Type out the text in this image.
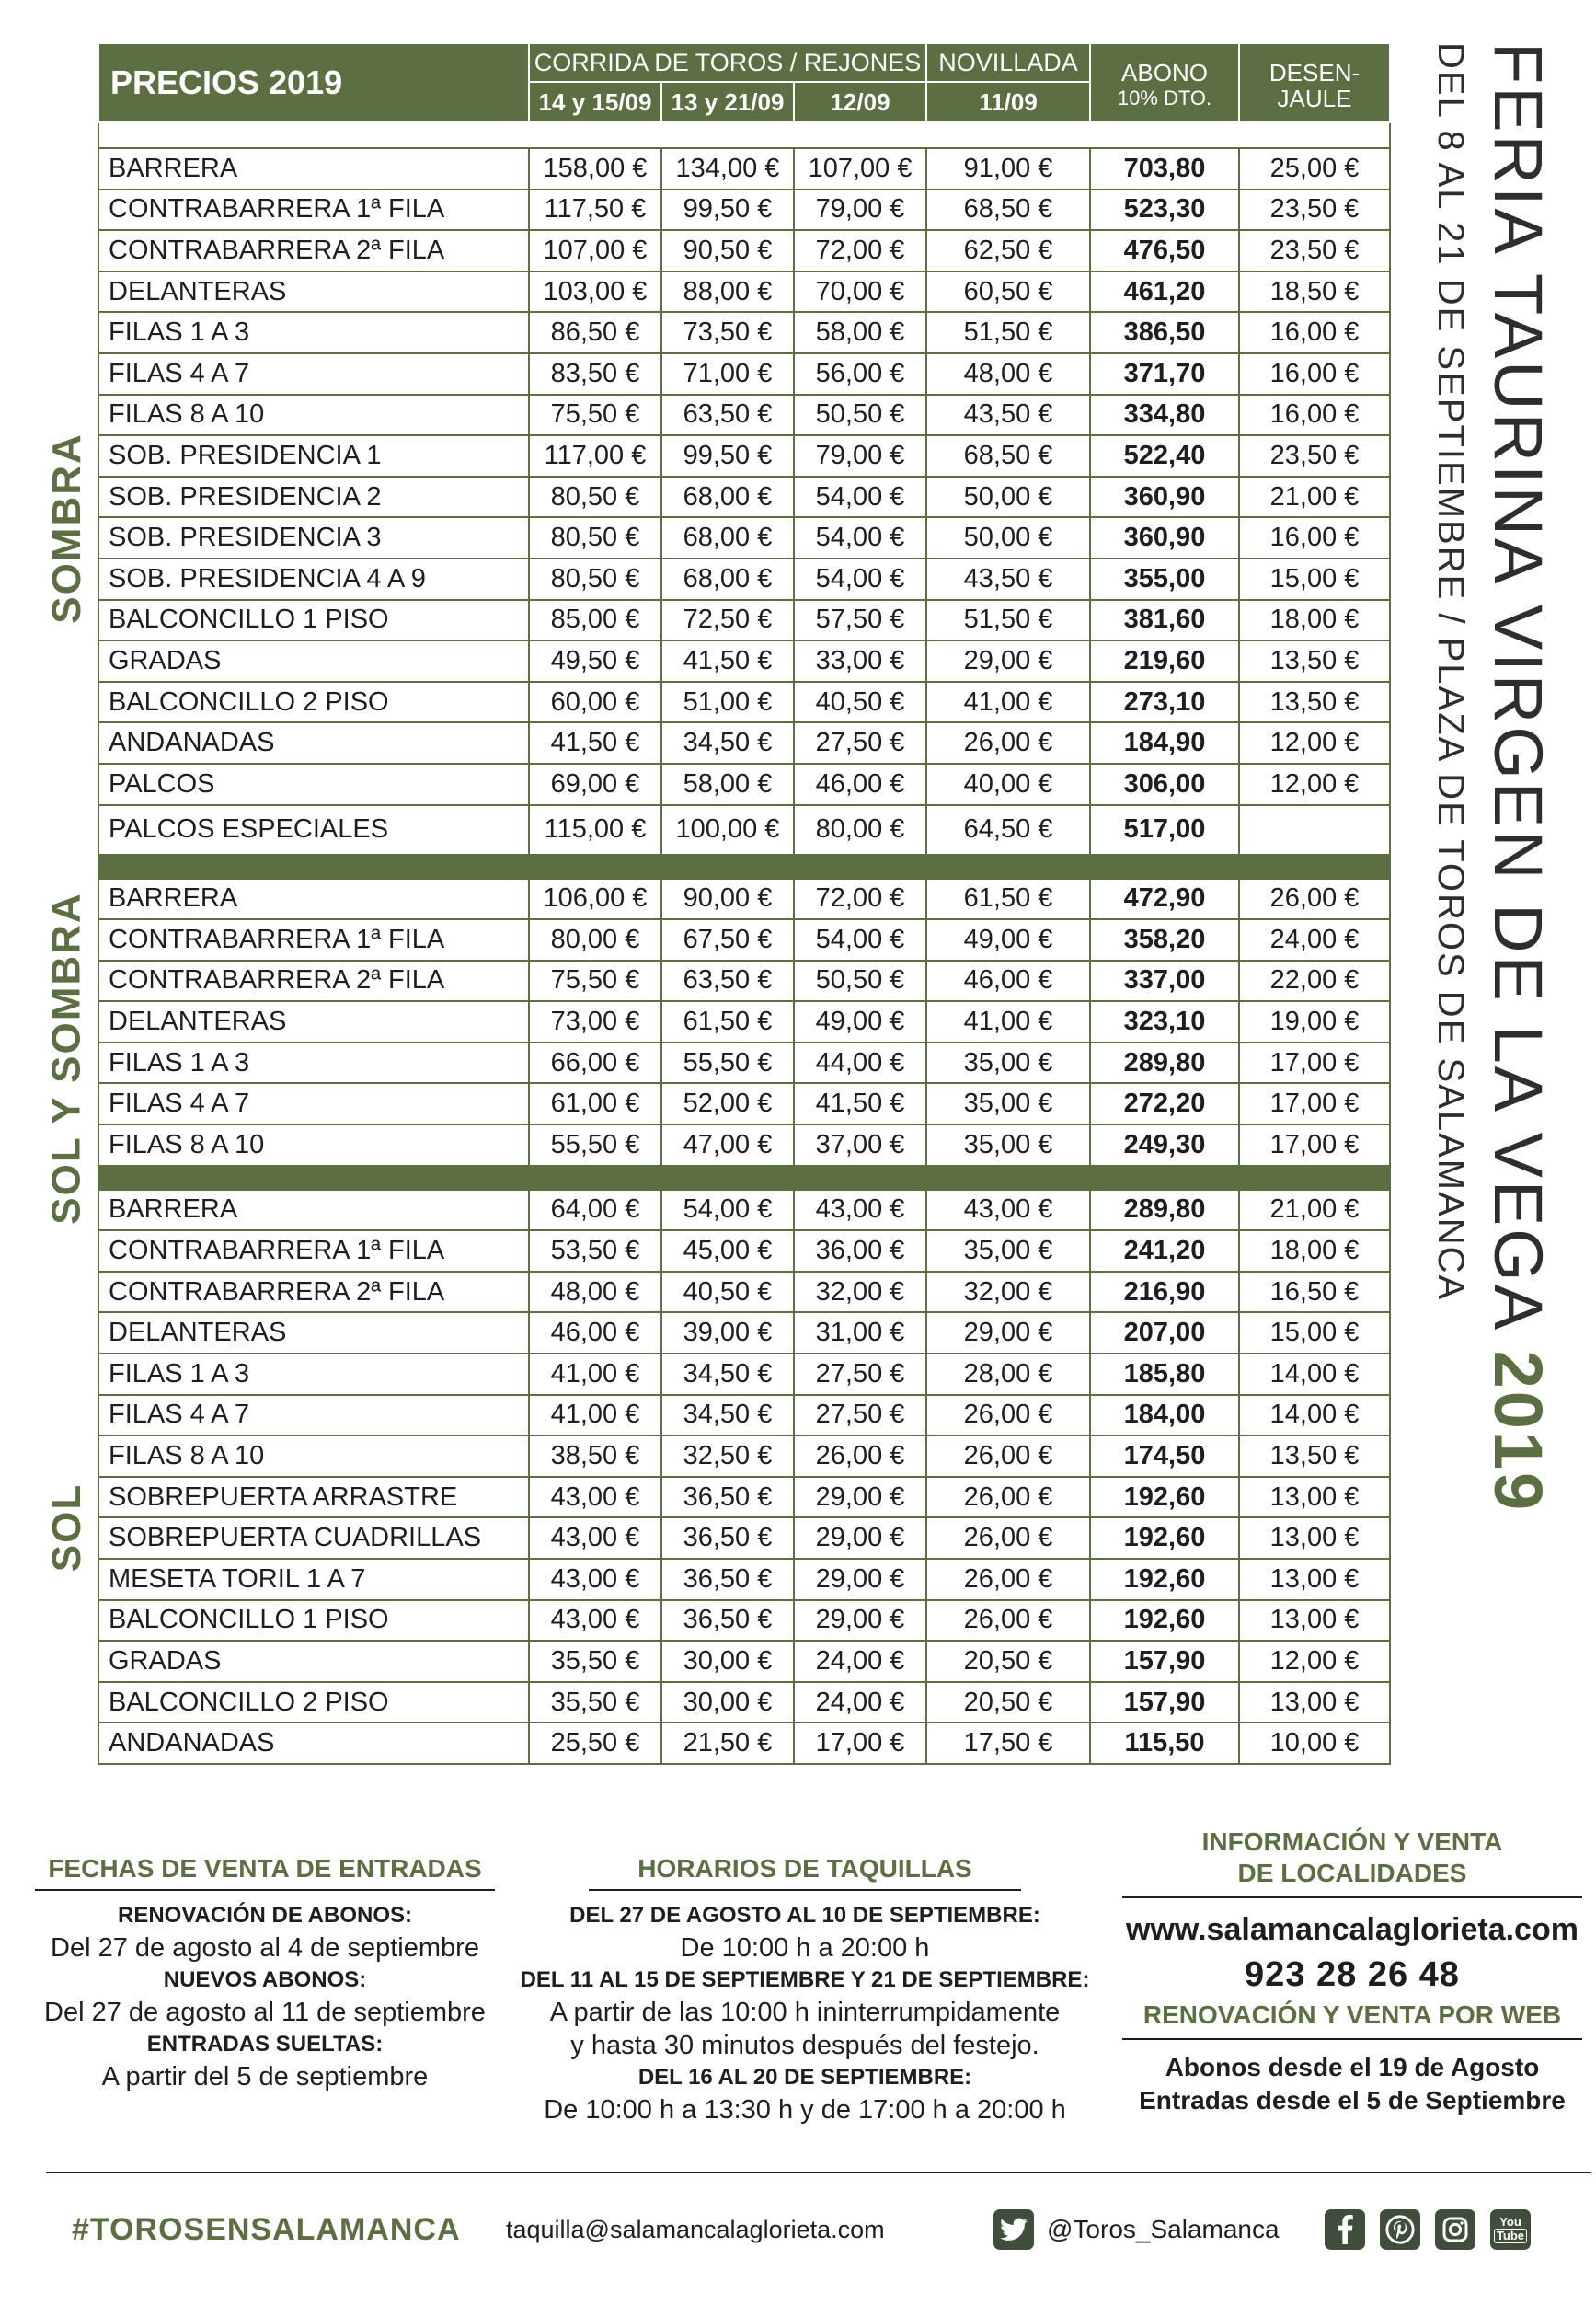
PRECIOS 2019	CORRIDA DE TOROS / REJONES			NOVILLADA	ABONO
10% DTO.	DESEN-
JAULE

	14 y 15/09	13 y 21/09	12/09	11/09		

BARRERA	158,00 €	134,00 €	107,00 €	91,00 €	703,80	25,00 €
CONTRABARRERA 1ª FILA	117,50 €	99,50 €	79,00 €	68,50 €	523,30	23,50 €
CONTRABARRERA 2ª FILA	107,00 €	90,50 €	72,00 €	62,50 €	476,50	23,50 €
DELANTERAS	103,00 €	88,00 €	70,00 €	60,50 €	461,20	18,50 €
FILAS 1 A 3	86,50 €	73,50 €	58,00 €	51,50 €	386,50	16,00 €
FILAS 4 A 7	83,50 €	71,00 €	56,00 €	48,00 €	371,70	16,00 €
FILAS 8 A 10	75,50 €	63,50 €	50,50 €	43,50 €	334,80	16,00 €
SOB. PRESIDENCIA 1	117,00 €	99,50 €	79,00 €	68,50 €	522,40	23,50 €
SOB. PRESIDENCIA 2	80,50 €	68,00 €	54,00 €	50,00 €	360,90	21,00 €
SOB. PRESIDENCIA 3	80,50 €	68,00 €	54,00 €	50,00 €	360,90	16,00 €
SOB. PRESIDENCIA 4 A 9	80,50 €	68,00 €	54,00 €	43,50 €	355,00	15,00 €
BALCONCILLO 1 PISO	85,00 €	72,50 €	57,50 €	51,50 €	381,60	18,00 €
GRADAS	49,50 €	41,50 €	33,00 €	29,00 €	219,60	13,50 €
BALCONCILLO 2 PISO	60,00 €	51,00 €	40,50 €	41,00 €	273,10	13,50 €
ANDANADAS	41,50 €	34,50 €	27,50 €	26,00 €	184,90	12,00 €
PALCOS	69,00 €	58,00 €	46,00 €	40,00 €	306,00	12,00 €
PALCOS ESPECIALES	115,00 €	100,00 €	80,00 €	64,50 €	517,00	

BARRERA	106,00 €	90,00 €	72,00 €	61,50 €	472,90	26,00 €
CONTRABARRERA 1ª FILA	80,00 €	67,50 €	54,00 €	49,00 €	358,20	24,00 €
CONTRABARRERA 2ª FILA	75,50 €	63,50 €	50,50 €	46,00 €	337,00	22,00 €
DELANTERAS	73,00 €	61,50 €	49,00 €	41,00 €	323,10	19,00 €
FILAS 1 A 3	66,00 €	55,50 €	44,00 €	35,00 €	289,80	17,00 €
FILAS 4 A 7	61,00 €	52,00 €	41,50 €	35,00 €	272,20	17,00 €
FILAS 8 A 10	55,50 €	47,00 €	37,00 €	35,00 €	249,30	17,00 €

BARRERA	64,00 €	54,00 €	43,00 €	43,00 €	289,80	21,00 €
CONTRABARRERA 1ª FILA	53,50 €	45,00 €	36,00 €	35,00 €	241,20	18,00 €
CONTRABARRERA 2ª FILA	48,00 €	40,50 €	32,00 €	32,00 €	216,90	16,50 €
DELANTERAS	46,00 €	39,00 €	31,00 €	29,00 €	207,00	15,00 €
FILAS 1 A 3	41,00 €	34,50 €	27,50 €	28,00 €	185,80	14,00 €
FILAS 4 A 7	41,00 €	34,50 €	27,50 €	26,00 €	184,00	14,00 €
FILAS 8 A 10	38,50 €	32,50 €	26,00 €	26,00 €	174,50	13,50 €
SOBREPUERTA ARRASTRE	43,00 €	36,50 €	29,00 €	26,00 €	192,60	13,00 €
SOBREPUERTA CUADRILLAS	43,00 €	36,50 €	29,00 €	26,00 €	192,60	13,00 €
MESETA TORIL 1 A 7	43,00 €	36,50 €	29,00 €	26,00 €	192,60	13,00 €
BALCONCILLO 1 PISO	43,00 €	36,50 €	29,00 €	26,00 €	192,60	13,00 €
GRADAS	35,50 €	30,00 €	24,00 €	20,50 €	157,90	12,00 €
BALCONCILLO 2 PISO	35,50 €	30,00 €	24,00 €	20,50 €	157,90	13,00 €
ANDANADAS	25,50 €	21,50 €	17,00 €	17,50 €	115,50	10,00 €
SOMBRA
SOL Y SOMBRA
SOL
FERIA TAURINA VIRGEN DE LA VEGA 2019
DEL 8 AL 21 DE SEPTIEMBRE / PLAZA DE TOROS DE SALAMANCA
FECHAS DE VENTA DE ENTRADAS
RENOVACIÓN DE ABONOS:
Del 27 de agosto al 4 de septiembre
NUEVOS ABONOS:
Del 27 de agosto al 11 de septiembre
ENTRADAS SUELTAS:
A partir del 5 de septiembre
HORARIOS DE TAQUILLAS
DEL 27 DE AGOSTO AL 10 DE SEPTIEMBRE:
De 10:00 h a 20:00 h
DEL 11 AL 15 DE SEPTIEMBRE Y 21 DE SEPTIEMBRE:
A partir de las 10:00 h ininterrumpidamente
y hasta 30 minutos después del festejo.
DEL 16 AL 20 DE SEPTIEMBRE:
De 10:00 h a 13:30 h y de 17:00 h a 20:00 h
INFORMACIÓN Y VENTA
DE LOCALIDADES
www.salamancalaglorieta.com
923 28 26 48
RENOVACIÓN Y VENTA POR WEB
Abonos desde el 19 de Agosto
Entradas desde el 5 de Septiembre
#TOROSENSALAMANCA taquilla@salamancalaglorieta.com	@Toros_Salamanca	You
Tube
